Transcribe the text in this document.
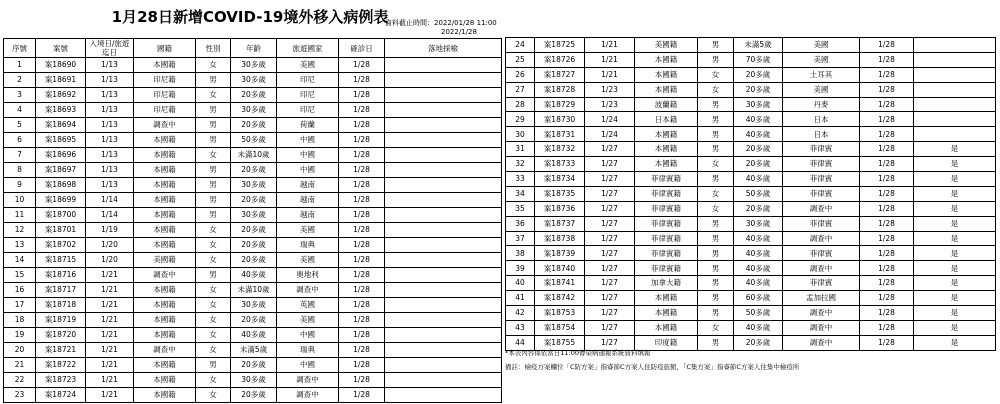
1月28日新增COVID-19境外移入病例表
資料截止時間：2022/01/28 11:00
2022/1/28
序號	案號	入境日/旅遊迄日	國籍	性別	年齡	旅遊國家	確診日	落地採檢
1	案18690	1/13	本國籍	女	30多歲	美國	1/28	
2	案18691	1/13	印尼籍	男	30多歲	印尼	1/28	
3	案18692	1/13	印尼籍	女	20多歲	印尼	1/28	
4	案18693	1/13	印尼籍	男	30多歲	印尼	1/28	
5	案18694	1/13	調查中	男	20多歲	荷蘭	1/28	
6	案18695	1/13	本國籍	男	50多歲	中國	1/28	
7	案18696	1/13	本國籍	女	未滿10歲	中國	1/28	
8	案18697	1/13	本國籍	男	20多歲	中國	1/28	
9	案18698	1/13	本國籍	男	30多歲	越南	1/28	
10	案18699	1/14	本國籍	男	20多歲	越南	1/28	
11	案18700	1/14	本國籍	男	30多歲	越南	1/28	
12	案18701	1/19	本國籍	女	20多歲	美國	1/28	
13	案18702	1/20	本國籍	女	20多歲	瑞典	1/28	
14	案18715	1/20	美國籍	女	20多歲	美國	1/28	
15	案18716	1/21	調查中	男	40多歲	奧地利	1/28	
16	案18717	1/21	本國籍	女	未滿10歲	調查中	1/28	
17	案18718	1/21	本國籍	女	30多歲	英國	1/28	
18	案18719	1/21	本國籍	女	20多歲	美國	1/28	
19	案18720	1/21	本國籍	女	40多歲	中國	1/28	
20	案18721	1/21	調查中	女	未滿5歲	瑞典	1/28	
21	案18722	1/21	本國籍	男	20多歲	中國	1/28	
22	案18723	1/21	本國籍	女	30多歲	調查中	1/28	
23	案18724	1/21	本國籍	女	20多歲	調查中	1/28	
24	案18725	1/21	美國籍	男	未滿5歲	美國	1/28	
25	案18726	1/21	本國籍	男	70多歲	美國	1/28	
26	案18727	1/21	本國籍	女	20多歲	土耳其	1/28	
27	案18728	1/23	本國籍	女	20多歲	美國	1/28	
28	案18729	1/23	波蘭籍	男	30多歲	丹麥	1/28	
29	案18730	1/24	日本籍	男	40多歲	日本	1/28	
30	案18731	1/24	本國籍	男	40多歲	日本	1/28	
31	案18732	1/27	本國籍	男	20多歲	菲律賓	1/28	是
32	案18733	1/27	本國籍	女	20多歲	菲律賓	1/28	是
33	案18734	1/27	菲律賓籍	男	40多歲	菲律賓	1/28	是
34	案18735	1/27	菲律賓籍	女	50多歲	菲律賓	1/28	是
35	案18736	1/27	菲律賓籍	女	20多歲	調查中	1/28	是
36	案18737	1/27	菲律賓籍	男	30多歲	菲律賓	1/28	是
37	案18738	1/27	菲律賓籍	男	40多歲	調查中	1/28	是
38	案18739	1/27	菲律賓籍	男	40多歲	菲律賓	1/28	是
39	案18740	1/27	菲律賓籍	男	40多歲	調查中	1/28	是
40	案18741	1/27	加拿大籍	男	40多歲	菲律賓	1/28	是
41	案18742	1/27	本國籍	男	60多歲	孟加拉國	1/28	是
42	案18753	1/27	本國籍	男	50多歲	調查中	1/28	是
43	案18754	1/27	本國籍	女	40多歲	調查中	1/28	是
44	案18755	1/27	印度籍	男	20多歲	調查中	1/28	是
*本表內容係依當日11:00傳染病通報系統資料填報
備註：檢疫方案欄位「C防方案」指睿節C方案人住防疫旅館，「C集方案」指睿節C方案人住集中檢疫所
